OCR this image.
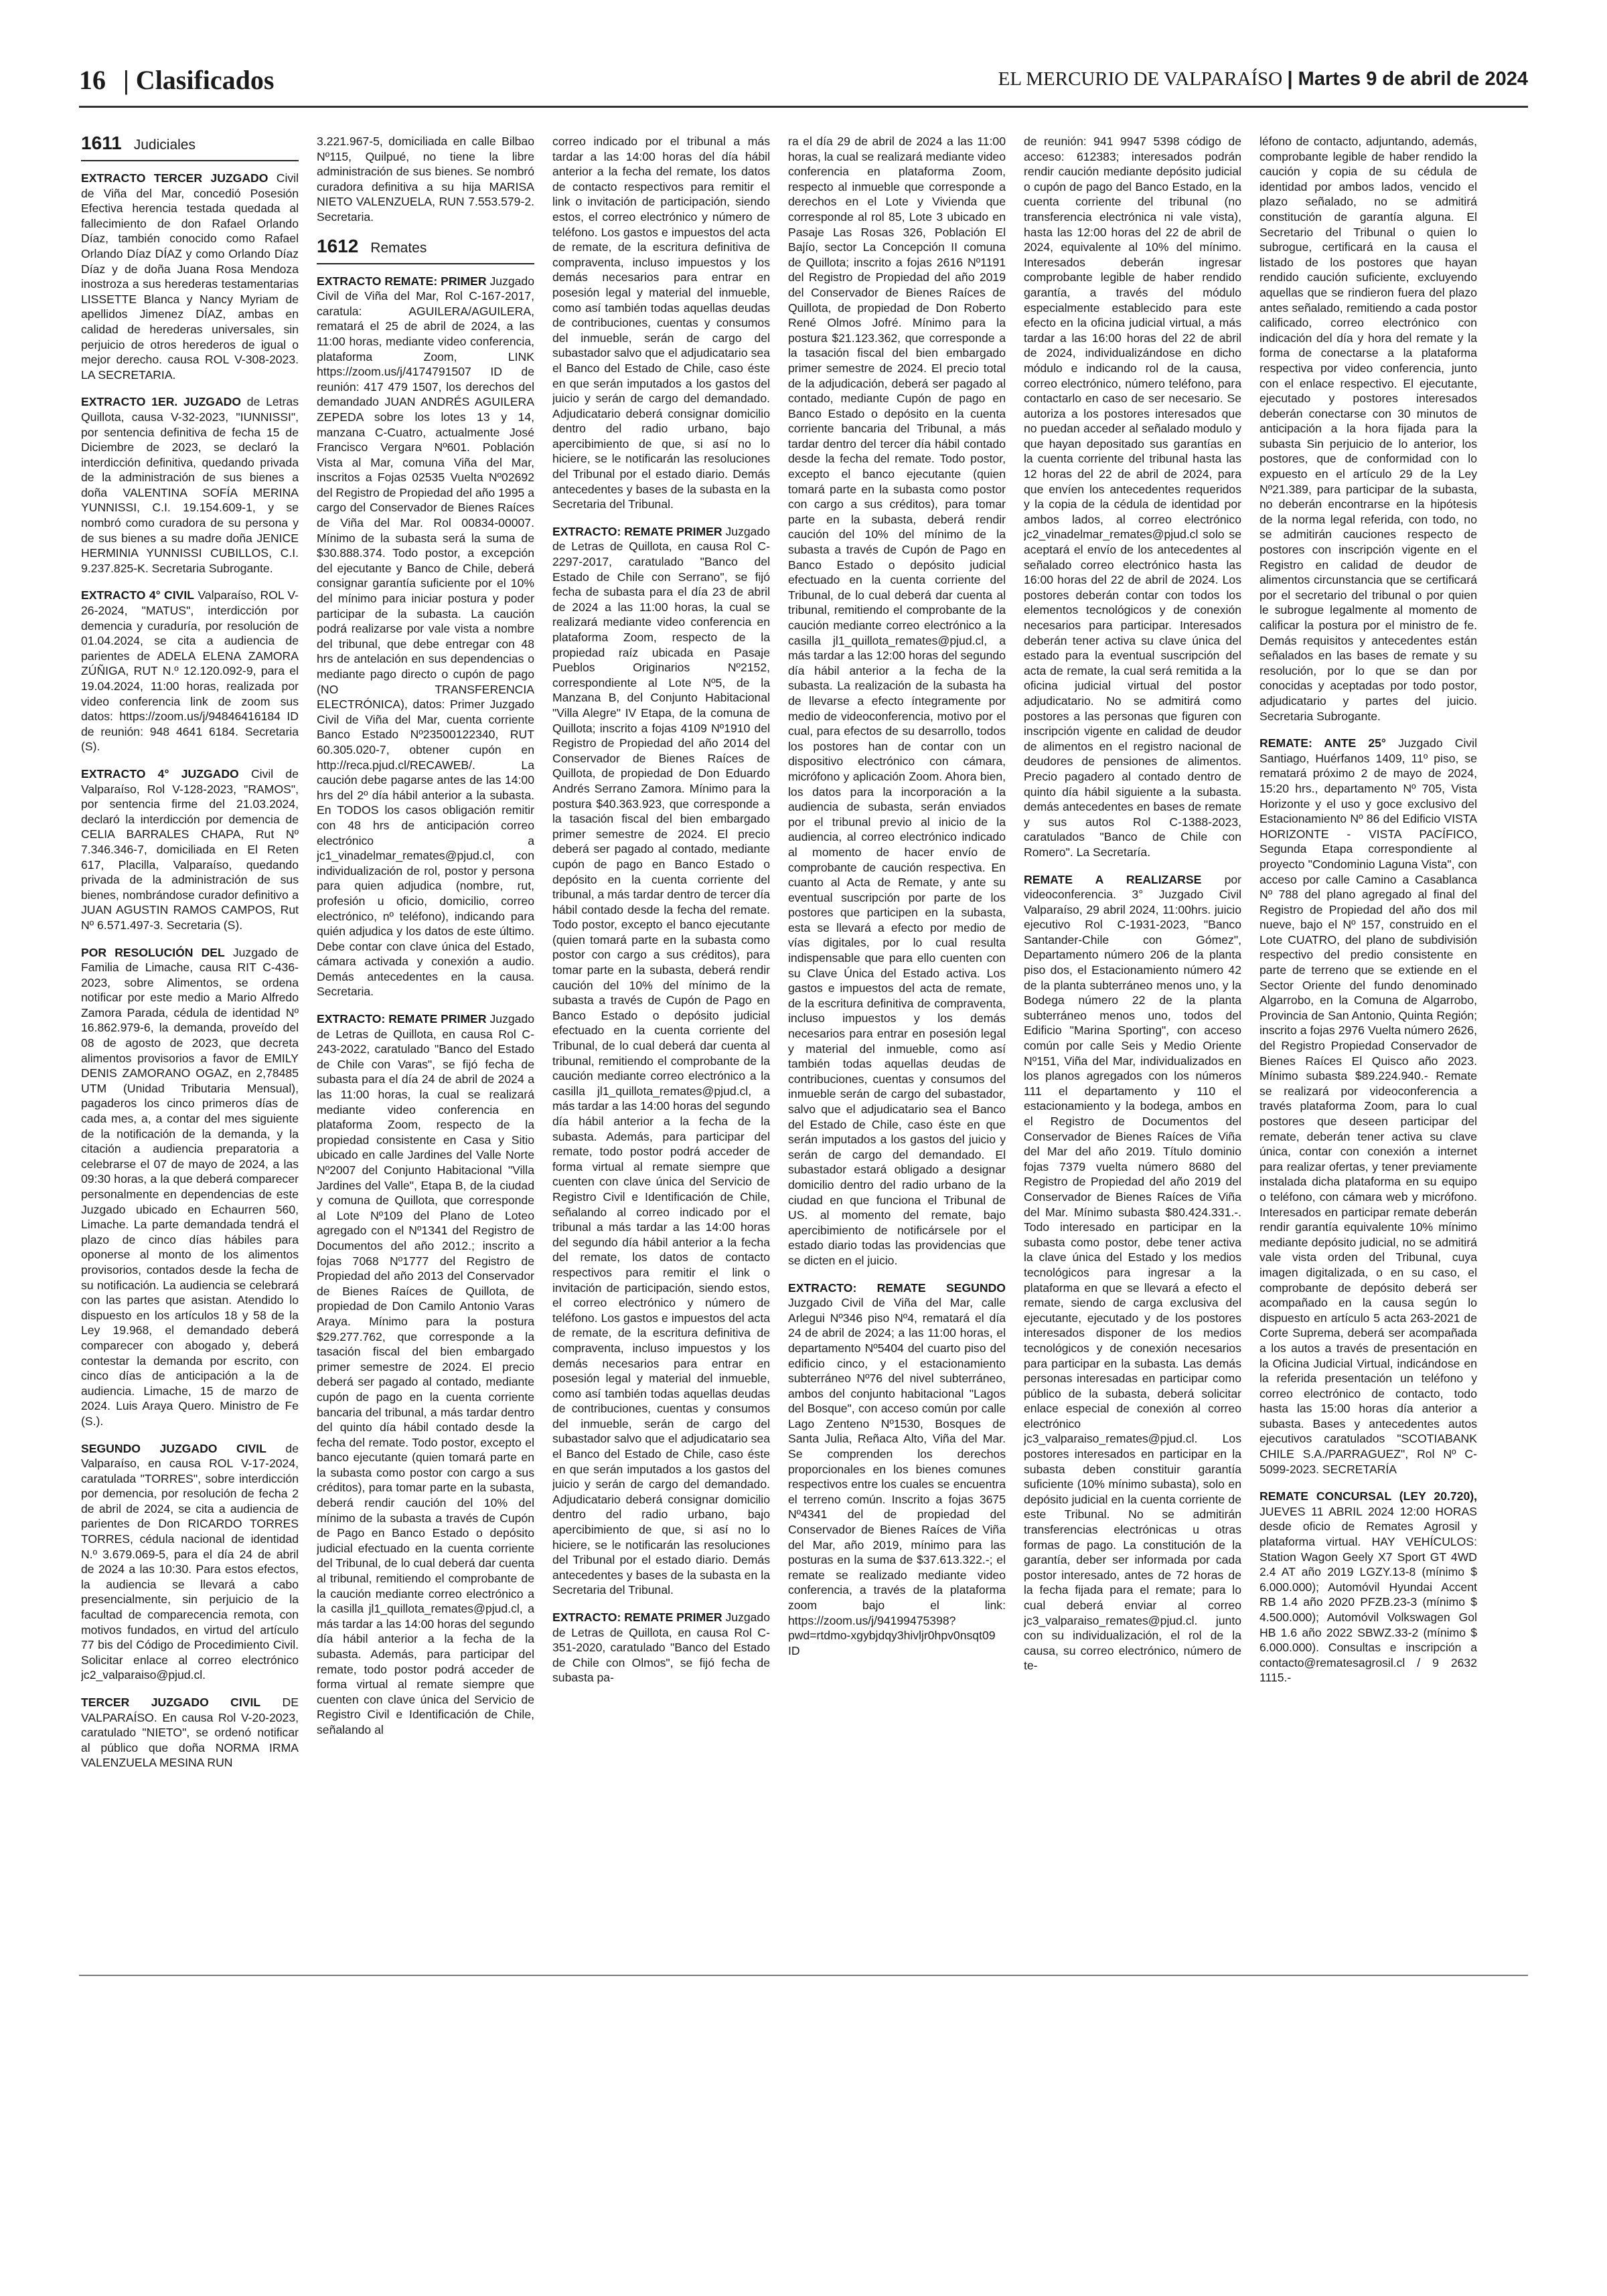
16 | Clasificados	EL MERCURIO DE VALPARAÍSO | Martes 9 de abril de 2024
1611 Judiciales

EXTRACTO TERCER JUZGADO Civil de Viña del Mar, concedió Posesión Efectiva herencia testada quedada al fallecimiento de don Rafael Orlando Díaz, también conocido como Rafael Orlando Díaz DÍAZ y como Orlando Díaz Díaz y de doña Juana Rosa Mendoza inostroza a sus herederas testamentarias LISSETTE Blanca y Nancy Myriam de apellidos Jimenez DÍAZ, ambas en calidad de herederas universales, sin perjuicio de otros herederos de igual o mejor derecho. causa ROL V-308-2023. LA SECRETARIA.

EXTRACTO 1ER. JUZGADO de Letras Quillota, causa V-32-2023, "IUNNISSI", por sentencia definitiva de fecha 15 de Diciembre de 2023, se declaró la interdicción definitiva, quedando privada de la administración de sus bienes a doña VALENTINA SOFÍA MERINA YUNNISSI, C.I. 19.154.609-1, y se nombró como curadora de su persona y de sus bienes a su madre doña JENICE HERMINIA YUNNISSI CUBILLOS, C.I. 9.237.825-K. Secretaria Subrogante.

EXTRACTO 4° CIVIL Valparaíso, ROL V-26-2024, "MATUS", interdicción por demencia y curaduría, por resolución de 01.04.2024, se cita a audiencia de parientes de ADELA ELENA ZAMORA ZÚÑIGA, RUT N.º 12.120.092-9, para el 19.04.2024, 11:00 horas, realizada por video conferencia link de zoom sus datos: https://zoom.us/j/94846416184 ID de reunión: 948 4641 6184. Secretaria (S).

EXTRACTO 4° JUZGADO Civil de Valparaíso, Rol V-128-2023, "RAMOS", por sentencia firme del 21.03.2024, declaró la interdicción por demencia de CELIA BARRALES CHAPA, Rut Nº 7.346.346-7, domiciliada en El Reten 617, Placilla, Valparaíso, quedando privada de la administración de sus bienes, nombrándose curador definitivo a JUAN AGUSTIN RAMOS CAMPOS, Rut Nº 6.571.497-3. Secretaria (S).

POR RESOLUCIÓN DEL Juzgado de Familia de Limache, causa RIT C-436-2023, sobre Alimentos, se ordena notificar por este medio a Mario Alfredo Zamora Parada, cédula de identidad Nº 16.862.979-6, la demanda, proveído del 08 de agosto de 2023, que decreta alimentos provisorios a favor de EMILY DENIS ZAMORANO OGAZ, en 2,78485 UTM (Unidad Tributaria Mensual), pagaderos los cinco primeros días de cada mes, a, a contar del mes siguiente de la notificación de la demanda, y la citación a audiencia preparatoria a celebrarse el 07 de mayo de 2024, a las 09:30 horas, a la que deberá comparecer personalmente en dependencias de este Juzgado ubicado en Echaurren 560, Limache. La parte demandada tendrá el plazo de cinco días hábiles para oponerse al monto de los alimentos provisorios, contados desde la fecha de su notificación. La audiencia se celebrará con las partes que asistan. Atendido lo dispuesto en los artículos 18 y 58 de la Ley 19.968, el demandado deberá comparecer con abogado y, deberá contestar la demanda por escrito, con cinco días de anticipación a la de audiencia. Limache, 15 de marzo de 2024. Luis Araya Quero. Ministro de Fe (S.).

SEGUNDO JUZGADO CIVIL de Valparaíso, en causa ROL V-17-2024, caratulada "TORRES", sobre interdicción por demencia, por resolución de fecha 2 de abril de 2024, se cita a audiencia de parientes de Don RICARDO TORRES TORRES, cédula nacional de identidad N.º 3.679.069-5, para el día 24 de abril de 2024 a las 10:30. Para estos efectos, la audiencia se llevará a cabo presencialmente, sin perjuicio de la facultad de comparecencia remota, con motivos fundados, en virtud del artículo 77 bis del Código de Procedimiento Civil. Solicitar enlace al correo electrónico jc2_valparaiso@pjud.cl.

TERCER JUZGADO CIVIL DE VALPARAÍSO. En causa Rol V-20-2023, caratulado "NIETO", se ordenó notificar al público que doña NORMA IRMA VALENZUELA MESINA RUN

3.221.967-5, domiciliada en calle Bilbao Nº115, Quilpué, no tiene la libre administración de sus bienes. Se nombró curadora definitiva a su hija MARISA NIETO VALENZUELA, RUN 7.553.579-2. Secretaria.

1612 Remates

EXTRACTO REMATE: PRIMER Juzgado Civil de Viña del Mar, Rol C-167-2017, caratula: AGUILERA/AGUILERA, rematará el 25 de abril de 2024, a las 11:00 horas, mediante video conferencia, plataforma Zoom, LINK https://zoom.us/j/4174791507 ID de reunión: 417 479 1507, los derechos del demandado JUAN ANDRÉS AGUILERA ZEPEDA sobre los lotes 13 y 14, manzana C-Cuatro, actualmente José Francisco Vergara Nº601. Población Vista al Mar, comuna Viña del Mar, inscritos a Fojas 02535 Vuelta Nº02692 del Registro de Propiedad del año 1995 a cargo del Conservador de Bienes Raíces de Viña del Mar. Rol 00834-00007. Mínimo de la subasta será la suma de $30.888.374. Todo postor, a excepción del ejecutante y Banco de Chile, deberá consignar garantía suficiente por el 10% del mínimo para iniciar postura y poder participar de la subasta. La caución podrá realizarse por vale vista a nombre del tribunal, que debe entregar con 48 hrs de antelación en sus dependencias o mediante pago directo o cupón de pago (NO TRANSFERENCIA ELECTRÓNICA), datos: Primer Juzgado Civil de Viña del Mar, cuenta corriente Banco Estado Nº23500122340, RUT 60.305.020-7, obtener cupón en http://reca.pjud.cl/RECAWEB/. La caución debe pagarse antes de las 14:00 hrs del 2º día hábil anterior a la subasta. En TODOS los casos obligación remitir con 48 hrs de anticipación correo electrónico a jc1_vinadelmar_remates@pjud.cl, con individualización de rol, postor y persona para quien adjudica (nombre, rut, profesión u oficio, domicilio, correo electrónico, nº teléfono), indicando para quién adjudica y los datos de este último. Debe contar con clave única del Estado, cámara activada y conexión a audio. Demás antecedentes en la causa. Secretaria.

EXTRACTO: REMATE PRIMER Juzgado de Letras de Quillota, en causa Rol C-243-2022, caratulado "Banco del Estado de Chile con Varas", se fijó fecha de subasta para el día 24 de abril de 2024 a las 11:00 horas, la cual se realizará mediante video conferencia en plataforma Zoom, respecto de la propiedad consistente en Casa y Sitio ubicado en calle Jardines del Valle Norte Nº2007 del Conjunto Habitacional "Villa Jardines del Valle", Etapa B, de la ciudad y comuna de Quillota, que corresponde al Lote Nº109 del Plano de Loteo agregado con el Nº1341 del Registro de Documentos del año 2012.; inscrito a fojas 7068 Nº1777 del Registro de Propiedad del año 2013 del Conservador de Bienes Raíces de Quillota, de propiedad de Don Camilo Antonio Varas Araya. Mínimo para la postura $29.277.762, que corresponde a la tasación fiscal del bien embargado primer semestre de 2024. El precio deberá ser pagado al contado, mediante cupón de pago en la cuenta corriente bancaria del tribunal, a más tardar dentro del quinto día hábil contado desde la fecha del remate. Todo postor, excepto el banco ejecutante (quien tomará parte en la subasta como postor con cargo a sus créditos), para tomar parte en la subasta, deberá rendir caución del 10% del mínimo de la subasta a través de Cupón de Pago en Banco Estado o depósito judicial efectuado en la cuenta corriente del Tribunal, de lo cual deberá dar cuenta al tribunal, remitiendo el comprobante de la caución mediante correo electrónico a la casilla jl1_quillota_remates@pjud.cl, a más tardar a las 14:00 horas del segundo día hábil anterior a la fecha de la subasta. Además, para participar del remate, todo postor podrá acceder de forma virtual al remate siempre que cuenten con clave única del Servicio de Registro Civil e Identificación de Chile, señalando al

correo indicado por el tribunal a más tardar a las 14:00 horas del día hábil anterior a la fecha del remate, los datos de contacto respectivos para remitir el link o invitación de participación, siendo estos, el correo electrónico y número de teléfono. Los gastos e impuestos del acta de remate, de la escritura definitiva de compraventa, incluso impuestos y los demás necesarios para entrar en posesión legal y material del inmueble, como así también todas aquellas deudas de contribuciones, cuentas y consumos del inmueble, serán de cargo del subastador salvo que el adjudicatario sea el Banco del Estado de Chile, caso éste en que serán imputados a los gastos del juicio y serán de cargo del demandado. Adjudicatario deberá consignar domicilio dentro del radio urbano, bajo apercibimiento de que, si así no lo hiciere, se le notificarán las resoluciones del Tribunal por el estado diario. Demás antecedentes y bases de la subasta en la Secretaria del Tribunal.

EXTRACTO: REMATE PRIMER Juzgado de Letras de Quillota, en causa Rol C-2297-2017, caratulado "Banco del Estado de Chile con Serrano", se fijó fecha de subasta para el día 23 de abril de 2024 a las 11:00 horas, la cual se realizará mediante video conferencia en plataforma Zoom, respecto de la propiedad raíz ubicada en Pasaje Pueblos Originarios Nº2152, correspondiente al Lote Nº5, de la Manzana B, del Conjunto Habitacional "Villa Alegre" IV Etapa, de la comuna de Quillota; inscrito a fojas 4109 Nº1910 del Registro de Propiedad del año 2014 del Conservador de Bienes Raíces de Quillota, de propiedad de Don Eduardo Andrés Serrano Zamora. Mínimo para la postura $40.363.923, que corresponde a la tasación fiscal del bien embargado primer semestre de 2024. El precio deberá ser pagado al contado, mediante cupón de pago en Banco Estado o depósito en la cuenta corriente del tribunal, a más tardar dentro de tercer día hábil contado desde la fecha del remate. Todo postor, excepto el banco ejecutante (quien tomará parte en la subasta como postor con cargo a sus créditos), para tomar parte en la subasta, deberá rendir caución del 10% del mínimo de la subasta a través de Cupón de Pago en Banco Estado o depósito judicial efectuado en la cuenta corriente del Tribunal, de lo cual deberá dar cuenta al tribunal, remitiendo el comprobante de la caución mediante correo electrónico a la casilla jl1_quillota_remates@pjud.cl, a más tardar a las 14:00 horas del segundo día hábil anterior a la fecha de la subasta. Además, para participar del remate, todo postor podrá acceder de forma virtual al remate siempre que cuenten con clave única del Servicio de Registro Civil e Identificación de Chile, señalando al correo indicado por el tribunal a más tardar a las 14:00 horas del segundo día hábil anterior a la fecha del remate, los datos de contacto respectivos para remitir el link o invitación de participación, siendo estos, el correo electrónico y número de teléfono. Los gastos e impuestos del acta de remate, de la escritura definitiva de compraventa, incluso impuestos y los demás necesarios para entrar en posesión legal y material del inmueble, como así también todas aquellas deudas de contribuciones, cuentas y consumos del inmueble, serán de cargo del subastador salvo que el adjudicatario sea el Banco del Estado de Chile, caso éste en que serán imputados a los gastos del juicio y serán de cargo del demandado. Adjudicatario deberá consignar domicilio dentro del radio urbano, bajo apercibimiento de que, si así no lo hiciere, se le notificarán las resoluciones del Tribunal por el estado diario. Demás antecedentes y bases de la subasta en la Secretaria del Tribunal.

EXTRACTO: REMATE PRIMER Juzgado de Letras de Quillota, en causa Rol C-351-2020, caratulado "Banco del Estado de Chile con Olmos", se fijó fecha de subasta pa-

ra el día 29 de abril de 2024 a las 11:00 horas, la cual se realizará mediante video conferencia en plataforma Zoom, respecto al inmueble que corresponde a derechos en el Lote y Vivienda que corresponde al rol 85, Lote 3 ubicado en Pasaje Las Rosas 326, Población El Bajío, sector La Concepción II comuna de Quillota; inscrito a fojas 2616 Nº1191 del Registro de Propiedad del año 2019 del Conservador de Bienes Raíces de Quillota, de propiedad de Don Roberto René Olmos Jofré. Mínimo para la postura $21.123.362, que corresponde a la tasación fiscal del bien embargado primer semestre de 2024. El precio total de la adjudicación, deberá ser pagado al contado, mediante Cupón de pago en Banco Estado o depósito en la cuenta corriente bancaria del Tribunal, a más tardar dentro del tercer día hábil contado desde la fecha del remate. Todo postor, excepto el banco ejecutante (quien tomará parte en la subasta como postor con cargo a sus créditos), para tomar parte en la subasta, deberá rendir caución del 10% del mínimo de la subasta a través de Cupón de Pago en Banco Estado o depósito judicial efectuado en la cuenta corriente del Tribunal, de lo cual deberá dar cuenta al tribunal, remitiendo el comprobante de la caución mediante correo electrónico a la casilla jl1_quillota_remates@pjud.cl, a más tardar a las 12:00 horas del segundo día hábil anterior a la fecha de la subasta. La realización de la subasta ha de llevarse a efecto íntegramente por medio de videoconferencia, motivo por el cual, para efectos de su desarrollo, todos los postores han de contar con un dispositivo electrónico con cámara, micrófono y aplicación Zoom. Ahora bien, los datos para la incorporación a la audiencia de subasta, serán enviados por el tribunal previo al inicio de la audiencia, al correo electrónico indicado al momento de hacer envío de comprobante de caución respectiva. En cuanto al Acta de Remate, y ante su eventual suscripción por parte de los postores que participen en la subasta, esta se llevará a efecto por medio de vías digitales, por lo cual resulta indispensable que para ello cuenten con su Clave Única del Estado activa. Los gastos e impuestos del acta de remate, de la escritura definitiva de compraventa, incluso impuestos y los demás necesarios para entrar en posesión legal y material del inmueble, como así también todas aquellas deudas de contribuciones, cuentas y consumos del inmueble serán de cargo del subastador, salvo que el adjudicatario sea el Banco del Estado de Chile, caso éste en que serán imputados a los gastos del juicio y serán de cargo del demandado. El subastador estará obligado a designar domicilio dentro del radio urbano de la ciudad en que funciona el Tribunal de US. al momento del remate, bajo apercibimiento de notificársele por el estado diario todas las providencias que se dicten en el juicio.

EXTRACTO: REMATE SEGUNDO Juzgado Civil de Viña del Mar, calle Arlegui Nº346 piso Nº4, rematará el día 24 de abril de 2024; a las 11:00 horas, el departamento Nº5404 del cuarto piso del edificio cinco, y el estacionamiento subterráneo Nº76 del nivel subterráneo, ambos del conjunto habitacional "Lagos del Bosque", con acceso común por calle Lago Zenteno Nº1530, Bosques de Santa Julia, Reñaca Alto, Viña del Mar. Se comprenden los derechos proporcionales en los bienes comunes respectivos entre los cuales se encuentra el terreno común. Inscrito a fojas 3675 Nº4341 del de propiedad del Conservador de Bienes Raíces de Viña del Mar, año 2019, mínimo para las posturas en la suma de $37.613.322.-; el remate se realizado mediante video conferencia, a través de la plataforma zoom bajo el link: https://zoom.us/j/94199475398?pwd=rtdmo-xgybjdqy3hivljr0hpv0nsqt09 ID

de reunión: 941 9947 5398 código de acceso: 612383; interesados podrán rendir caución mediante depósito judicial o cupón de pago del Banco Estado, en la cuenta corriente del tribunal (no transferencia electrónica ni vale vista), hasta las 12:00 horas del 22 de abril de 2024, equivalente al 10% del mínimo. Interesados deberán ingresar comprobante legible de haber rendido garantía, a través del módulo especialmente establecido para este efecto en la oficina judicial virtual, a más tardar a las 16:00 horas del 22 de abril de 2024, individualizándose en dicho módulo e indicando rol de la causa, correo electrónico, número teléfono, para contactarlo en caso de ser necesario. Se autoriza a los postores interesados que no puedan acceder al señalado modulo y que hayan depositado sus garantías en la cuenta corriente del tribunal hasta las 12 horas del 22 de abril de 2024, para que envíen los antecedentes requeridos y la copia de la cédula de identidad por ambos lados, al correo electrónico jc2_vinadelmar_remates@pjud.cl solo se aceptará el envío de los antecedentes al señalado correo electrónico hasta las 16:00 horas del 22 de abril de 2024. Los postores deberán contar con todos los elementos tecnológicos y de conexión necesarios para participar. Interesados deberán tener activa su clave única del estado para la eventual suscripción del acta de remate, la cual será remitida a la oficina judicial virtual del postor adjudicatario. No se admitirá como postores a las personas que figuren con inscripción vigente en calidad de deudor de alimentos en el registro nacional de deudores de pensiones de alimentos. Precio pagadero al contado dentro de quinto día hábil siguiente a la subasta. demás antecedentes en bases de remate y sus autos Rol C-1388-2023, caratulados "Banco de Chile con Romero". La Secretaría.

REMATE A REALIZARSE por videoconferencia. 3° Juzgado Civil Valparaíso, 29 abril 2024, 11:00hrs. juicio ejecutivo Rol C-1931-2023, "Banco Santander-Chile con Gómez", Departamento número 206 de la planta piso dos, el Estacionamiento número 42 de la planta subterráneo menos uno, y la Bodega número 22 de la planta subterráneo menos uno, todos del Edificio "Marina Sporting", con acceso común por calle Seis y Medio Oriente Nº151, Viña del Mar, individualizados en los planos agregados con los números 111 el departamento y 110 el estacionamiento y la bodega, ambos en el Registro de Documentos del Conservador de Bienes Raíces de Viña del Mar del año 2019. Título dominio fojas 7379 vuelta número 8680 del Registro de Propiedad del año 2019 del Conservador de Bienes Raíces de Viña del Mar. Mínimo subasta $80.424.331.-. Todo interesado en participar en la subasta como postor, debe tener activa la clave única del Estado y los medios tecnológicos para ingresar a la plataforma en que se llevará a efecto el remate, siendo de carga exclusiva del ejecutante, ejecutado y de los postores interesados disponer de los medios tecnológicos y de conexión necesarios para participar en la subasta. Las demás personas interesadas en participar como público de la subasta, deberá solicitar enlace especial de conexión al correo electrónico jc3_valparaiso_remates@pjud.cl. Los postores interesados en participar en la subasta deben constituir garantía suficiente (10% mínimo subasta), solo en depósito judicial en la cuenta corriente de este Tribunal. No se admitirán transferencias electrónicas u otras formas de pago. La constitución de la garantía, deber ser informada por cada postor interesado, antes de 72 horas de la fecha fijada para el remate; para lo cual deberá enviar al correo jc3_valparaiso_remates@pjud.cl. junto con su individualización, el rol de la causa, su correo electrónico, número de te-

léfono de contacto, adjuntando, además, comprobante legible de haber rendido la caución y copia de su cédula de identidad por ambos lados, vencido el plazo señalado, no se admitirá constitución de garantía alguna. El Secretario del Tribunal o quien lo subrogue, certificará en la causa el listado de los postores que hayan rendido caución suficiente, excluyendo aquellas que se rindieron fuera del plazo antes señalado, remitiendo a cada postor calificado, correo electrónico con indicación del día y hora del remate y la forma de conectarse a la plataforma respectiva por video conferencia, junto con el enlace respectivo. El ejecutante, ejecutado y postores interesados deberán conectarse con 30 minutos de anticipación a la hora fijada para la subasta Sin perjuicio de lo anterior, los postores, que de conformidad con lo expuesto en el artículo 29 de la Ley Nº21.389, para participar de la subasta, no deberán encontrarse en la hipótesis de la norma legal referida, con todo, no se admitirán cauciones respecto de postores con inscripción vigente en el Registro en calidad de deudor de alimentos circunstancia que se certificará por el secretario del tribunal o por quien le subrogue legalmente al momento de calificar la postura por el ministro de fe. Demás requisitos y antecedentes están señalados en las bases de remate y su resolución, por lo que se dan por conocidas y aceptadas por todo postor, adjudicatario y partes del juicio. Secretaria Subrogante.

REMATE: ANTE 25° Juzgado Civil Santiago, Huérfanos 1409, 11º piso, se rematará próximo 2 de mayo de 2024, 15:20 hrs., departamento Nº 705, Vista Horizonte y el uso y goce exclusivo del Estacionamiento Nº 86 del Edificio VISTA HORIZONTE - VISTA PACÍFICO, Segunda Etapa correspondiente al proyecto "Condominio Laguna Vista", con acceso por calle Camino a Casablanca Nº 788 del plano agregado al final del Registro de Propiedad del año dos mil nueve, bajo el Nº 157, construido en el Lote CUATRO, del plano de subdivisión respectivo del predio consistente en parte de terreno que se extiende en el Sector Oriente del fundo denominado Algarrobo, en la Comuna de Algarrobo, Provincia de San Antonio, Quinta Región; inscrito a fojas 2976 Vuelta número 2626, del Registro Propiedad Conservador de Bienes Raíces El Quisco año 2023. Mínimo subasta $89.224.940.- Remate se realizará por videoconferencia a través plataforma Zoom, para lo cual postores que deseen participar del remate, deberán tener activa su clave única, contar con conexión a internet para realizar ofertas, y tener previamente instalada dicha plataforma en su equipo o teléfono, con cámara web y micrófono. Interesados en participar remate deberán rendir garantía equivalente 10% mínimo mediante depósito judicial, no se admitirá vale vista orden del Tribunal, cuya imagen digitalizada, o en su caso, el comprobante de depósito deberá ser acompañado en la causa según lo dispuesto en artículo 5 acta 263-2021 de Corte Suprema, deberá ser acompañada a los autos a través de presentación en la Oficina Judicial Virtual, indicándose en la referida presentación un teléfono y correo electrónico de contacto, todo hasta las 15:00 horas día anterior a subasta. Bases y antecedentes autos ejecutivos caratulados "SCOTIABANK CHILE S.A./PARRAGUEZ", Rol Nº C-5099-2023. SECRETARÍA

REMATE CONCURSAL (LEY 20.720), JUEVES 11 ABRIL 2024 12:00 HORAS desde oficio de Remates Agrosil y plataforma virtual. HAY VEHÍCULOS: Station Wagon Geely X7 Sport GT 4WD 2.4 AT año 2019 LGZY.13-8 (mínimo $ 6.000.000); Automóvil Hyundai Accent RB 1.4 año 2020 PFZB.23-3 (mínimo $ 4.500.000); Automóvil Volkswagen Gol HB 1.6 año 2022 SBWZ.33-2 (mínimo $ 6.000.000). Consultas e inscripción a contacto@rematesagrosil.cl / 9 2632 1115.-
